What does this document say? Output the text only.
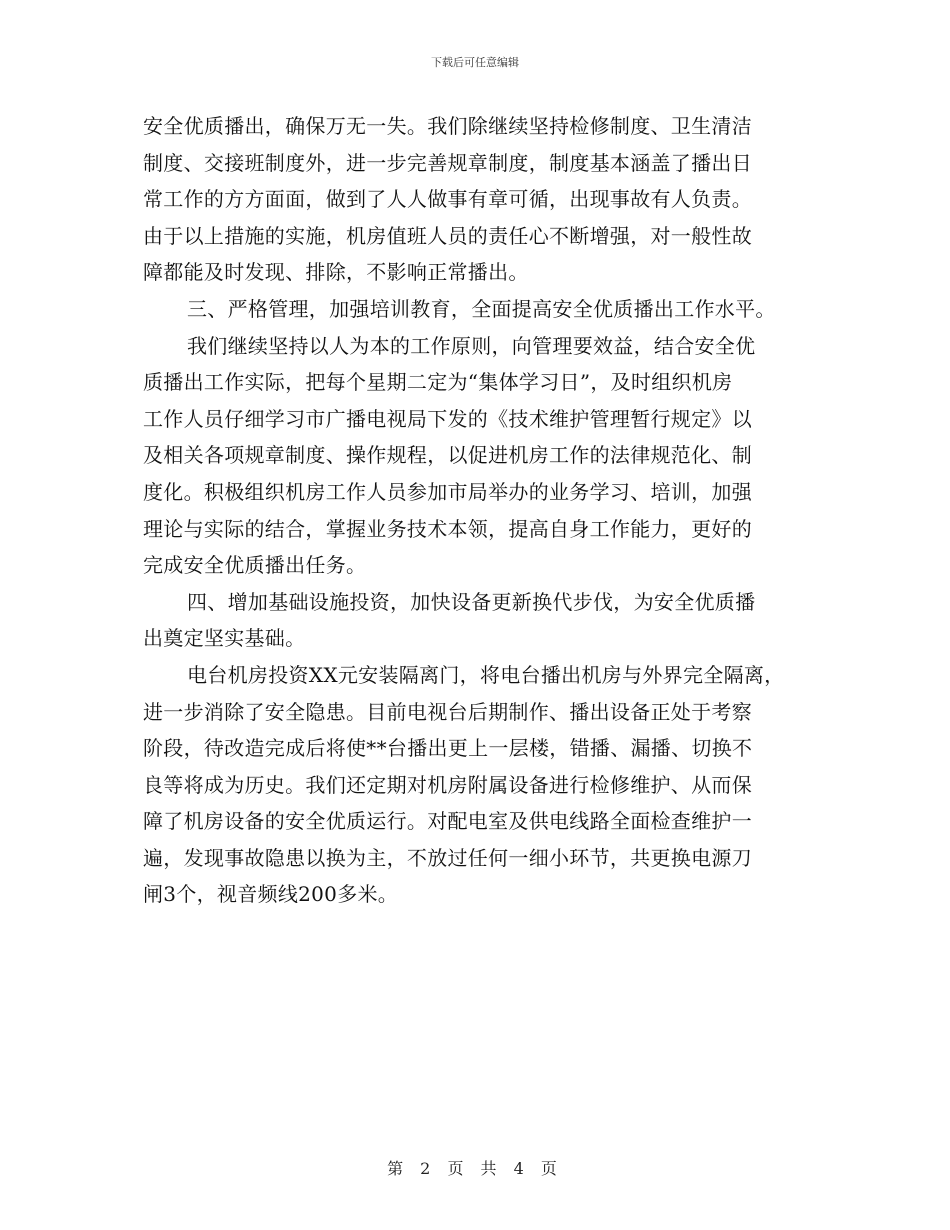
下载后可任意编辑
安全优质播出，确保万无一失。我们除继续坚持检修制度、卫生清洁
制度、交接班制度外，进一步完善规章制度，制度基本涵盖了播出日
常工作的方方面面，做到了人人做事有章可循，出现事故有人负责。
由于以上措施的实施，机房值班人员的责任心不断增强，对一般性故
障都能及时发现、排除，不影响正常播出。
三、严格管理，加强培训教育，全面提高安全优质播出工作水平。
我们继续坚持以人为本的工作原则，向管理要效益，结合安全优
质播出工作实际，把每个星期二定为“集体学习日”，及时组织机房
工作人员仔细学习市广播电视局下发的《技术维护管理暂行规定》以
及相关各项规章制度、操作规程，以促进机房工作的法律规范化、制
度化。积极组织机房工作人员参加市局举办的业务学习、培训，加强
理论与实际的结合，掌握业务技术本领，提高自身工作能力，更好的
完成安全优质播出任务。
四、增加基础设施投资，加快设备更新换代步伐，为安全优质播
出奠定坚实基础。
电台机房投资XX元安装隔离门，将电台播出机房与外界完全隔离，
进一步消除了安全隐患。目前电视台后期制作、播出设备正处于考察
阶段，待改造完成后将使**台播出更上一层楼，错播、漏播、切换不
良等将成为历史。我们还定期对机房附属设备进行检修维护、从而保
障了机房设备的安全优质运行。对配电室及供电线路全面检查维护一
遍，发现事故隐患以换为主，不放过任何一细小环节，共更换电源刀
闸3个，视音频线200多米。
第 2 页 共 4 页
